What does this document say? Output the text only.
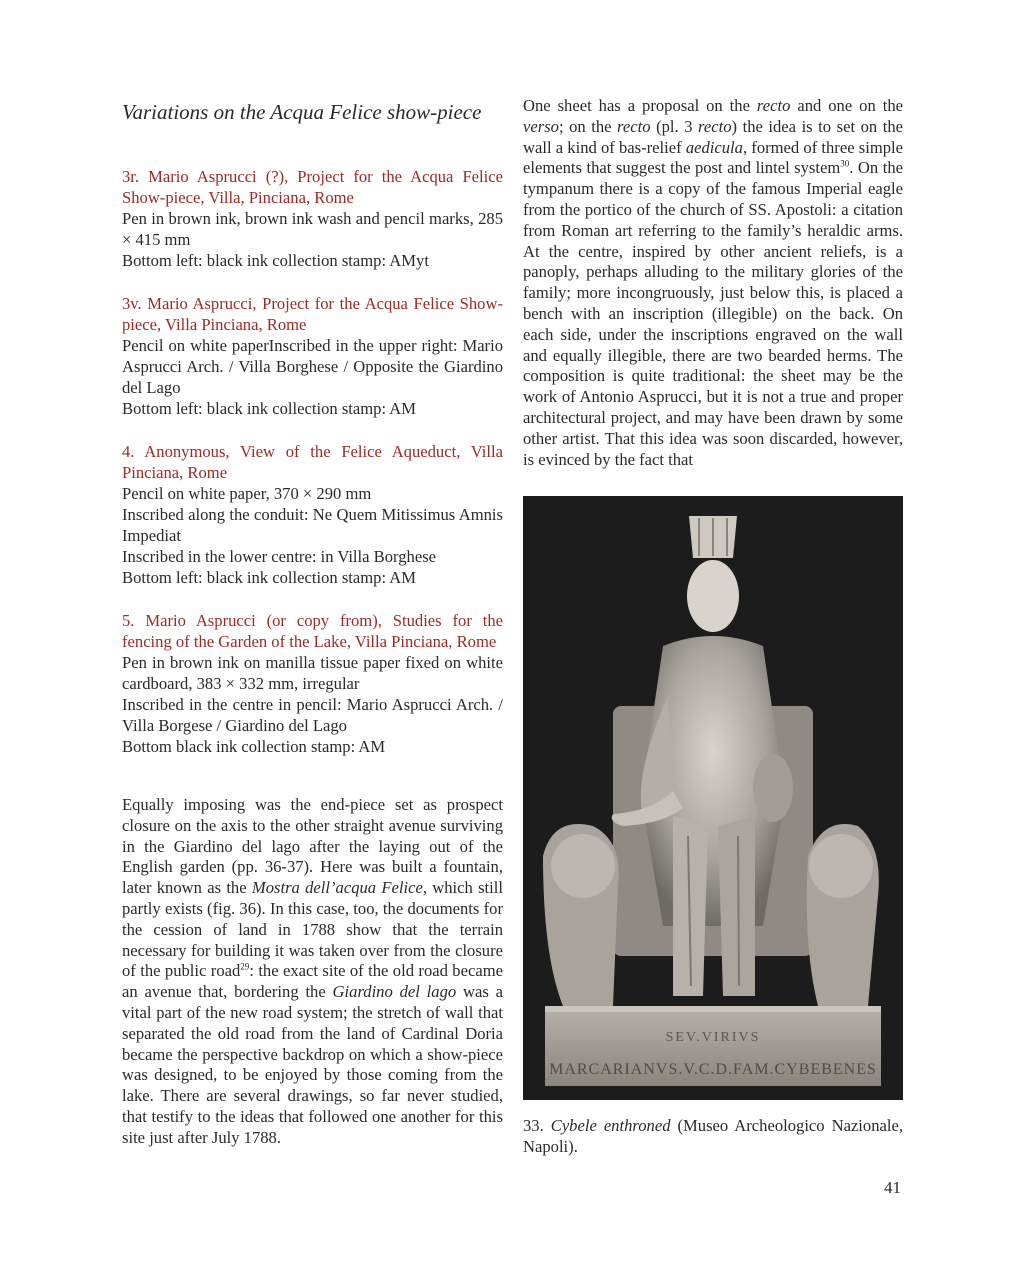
Variations on the Acqua Felice show-piece
3r. Mario Asprucci (?), Project for the Acqua Felice Show-piece, Villa, Pinciana, Rome
Pen in brown ink, brown ink wash and pencil marks, 285 × 415 mm
Bottom left: black ink collection stamp: AMyt
3v. Mario Asprucci, Project for the Acqua Felice Show-piece, Villa Pinciana, Rome
Pencil on white paperInscribed in the upper right: Mario Asprucci Arch. / Villa Borghese / Opposite the Giardino del Lago
Bottom left: black ink collection stamp: AM
4. Anonymous, View of the Felice Aqueduct, Villa Pinciana, Rome
Pencil on white paper, 370 × 290 mm
Inscribed along the conduit: Ne Quem Mitissimus Amnis Impediat
Inscribed in the lower centre: in Villa Borghese
Bottom left: black ink collection stamp: AM
5. Mario Asprucci (or copy from), Studies for the fencing of the Garden of the Lake, Villa Pinciana, Rome
Pen in brown ink on manilla tissue paper fixed on white cardboard, 383 × 332 mm, irregular
Inscribed in the centre in pencil: Mario Asprucci Arch. / Villa Borgese / Giardino del Lago
Bottom black ink collection stamp: AM

Equally imposing was the end-piece set as prospect closure on the axis to the other straight avenue surviving in the Giardino del lago after the laying out of the English garden (pp. 36-37). Here was built a fountain, later known as the Mostra dell’acqua Felice, which still partly exists (fig. 36). In this case, too, the documents for the cession of land in 1788 show that the terrain necessary for building it was taken over from the closure of the public road$^{29}$: the exact site of the old road became an avenue that, bordering the Giardino del lago was a vital part of the new road system; the stretch of wall that separated the old road from the land of Cardinal Doria became the perspective backdrop on which a show-piece was designed, to be enjoyed by those coming from the lake. There are several drawings, so far never studied, that testify to the ideas that followed one another for this site just after July 1788.

One sheet has a proposal on the recto and one on the verso; on the recto (pl. 3 recto) the idea is to set on the wall a kind of bas-relief aedicula, formed of three simple elements that suggest the post and lintel system$^{30}$. On the tympanum there is a copy of the famous Imperial eagle from the portico of the church of SS. Apostoli: a citation from Roman art referring to the family’s heraldic arms. At the centre, inspired by other ancient reliefs, is a panoply, perhaps alluding to the military glories of the family; more incongruously, just below this, is placed a bench with an inscription (illegible) on the back. On each side, under the inscriptions engraved on the wall and equally illegible, there are two bearded herms. The composition is quite traditional: the sheet may be the work of Antonio Asprucci, but it is not a true and proper architectural project, and may have been drawn by some other artist. That this idea was soon discarded, however, is evinced by the fact that

SEV.VIRIVS
MARCARIANVS.V.C.D.FAM.CYBEBENES
33. Cybele enthroned (Museo Archeologico Nazionale, Napoli).
41
